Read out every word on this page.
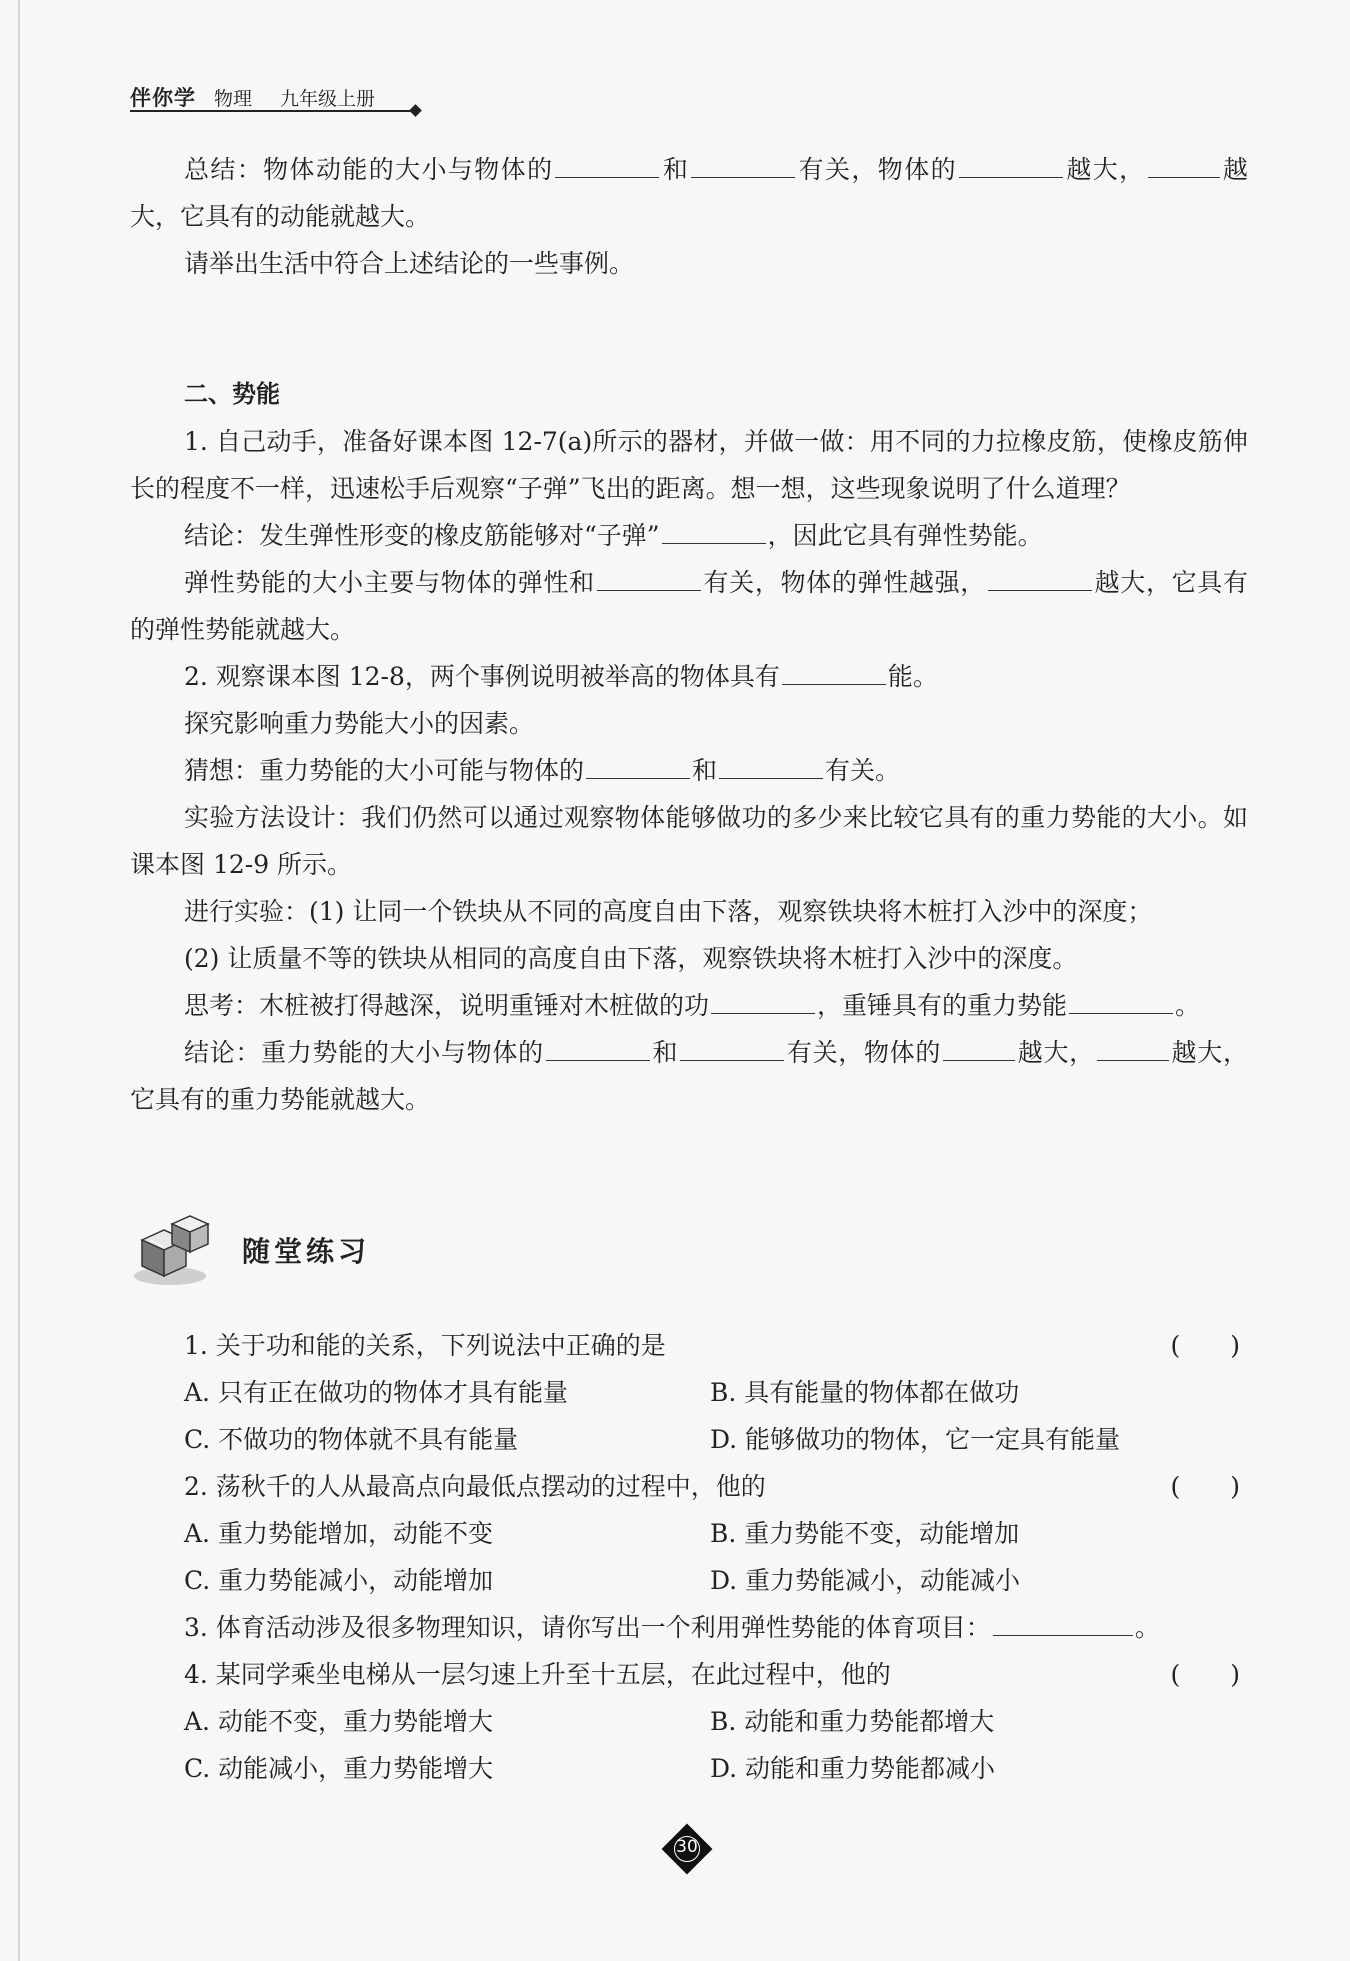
伴你学 物理 九年级上册

总结：物体动能的大小与物体的	和	有关，物体的	越大，	越大，它具有的动能就越大。

请举出生活中符合上述结论的一些事例。

二、势能

1. 自己动手，准备好课本图 12-7(a)所示的器材，并做一做：用不同的力拉橡皮筋，使橡皮筋伸长的程度不一样，迅速松手后观察“子弹”飞出的距离。想一想，这些现象说明了什么道理？

结论：发生弹性形变的橡皮筋能够对“子弹”	，因此它具有弹性势能。

弹性势能的大小主要与物体的弹性和	有关，物体的弹性越强，	越大，它具有的弹性势能就越大。

2. 观察课本图 12-8，两个事例说明被举高的物体具有	能。

探究影响重力势能大小的因素。

猜想：重力势能的大小可能与物体的	和	有关。

实验方法设计：我们仍然可以通过观察物体能够做功的多少来比较它具有的重力势能的大小。如课本图 12-9 所示。

进行实验：(1) 让同一个铁块从不同的高度自由下落，观察铁块将木桩打入沙中的深度；

(2) 让质量不等的铁块从相同的高度自由下落，观察铁块将木桩打入沙中的深度。

思考：木桩被打得越深，说明重锤对木桩做的功	，重锤具有的重力势能	。

结论：重力势能的大小与物体的	和	有关，物体的	越大，	越大，它具有的重力势能就越大。

随堂练习

1. 关于功和能的关系，下列说法中正确的是	(　　)

A. 只有正在做功的物体才具有能量	B. 具有能量的物体都在做功
C. 不做功的物体就不具有能量	D. 能够做功的物体，它一定具有能量

2. 荡秋千的人从最高点向最低点摆动的过程中，他的	(　　)

A. 重力势能增加，动能不变	B. 重力势能不变，动能增加
C. 重力势能减小，动能增加	D. 重力势能减小，动能减小

3. 体育活动涉及很多物理知识，请你写出一个利用弹性势能的体育项目：	。

4. 某同学乘坐电梯从一层匀速上升至十五层，在此过程中，他的	(　　)

A. 动能不变，重力势能增大	B. 动能和重力势能都增大
C. 动能减小，重力势能增大	D. 动能和重力势能都减小
30
